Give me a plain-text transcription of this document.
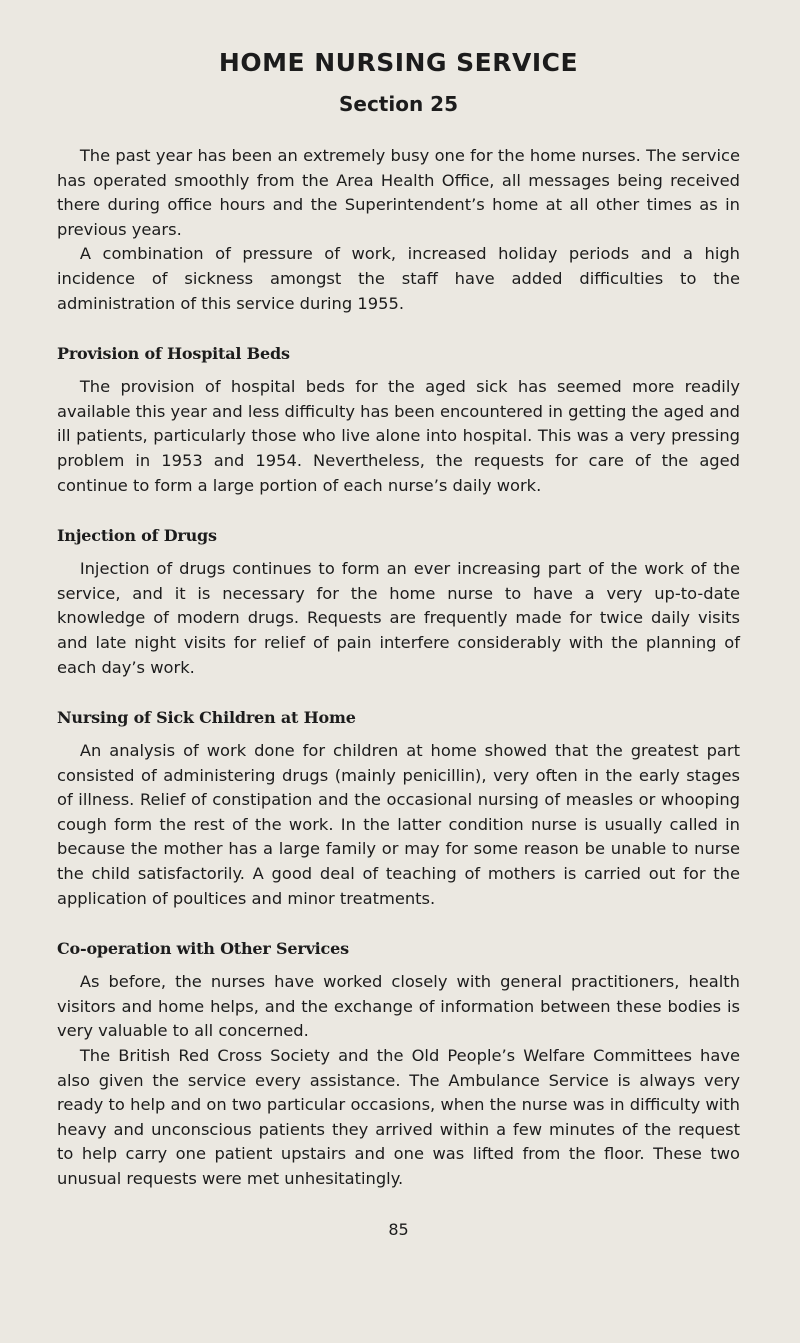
HOME NURSING SERVICE
Section 25

The past year has been an extremely busy one for the home nurses. The service has operated smoothly from the Area Health Office, all messages being received there during office hours and the Superintendent’s home at all other times as in previous years.

A combination of pressure of work, increased holiday periods and a high incidence of sickness amongst the staff have added difficulties to the administration of this service during 1955.

Provision of Hospital Beds

The provision of hospital beds for the aged sick has seemed more readily available this year and less difficulty has been encountered in getting the aged and ill patients, particularly those who live alone into hospital. This was a very pressing problem in 1953 and 1954. Nevertheless, the requests for care of the aged continue to form a large portion of each nurse’s daily work.

Injection of Drugs

Injection of drugs continues to form an ever increasing part of the work of the service, and it is necessary for the home nurse to have a very up-to-date knowledge of modern drugs. Requests are frequently made for twice daily visits and late night visits for relief of pain interfere considerably with the planning of each day’s work.

Nursing of Sick Children at Home

An analysis of work done for children at home showed that the greatest part consisted of administering drugs (mainly penicillin), very often in the early stages of illness. Relief of constipation and the occasional nursing of measles or whooping cough form the rest of the work. In the latter condition nurse is usually called in because the mother has a large family or may for some reason be unable to nurse the child satisfactorily. A good deal of teaching of mothers is carried out for the application of poultices and minor treatments.

Co-operation with Other Services

As before, the nurses have worked closely with general practitioners, health visitors and home helps, and the exchange of information between these bodies is very valuable to all concerned.

The British Red Cross Society and the Old People’s Welfare Committees have also given the service every assistance. The Ambulance Service is always very ready to help and on two particular occasions, when the nurse was in difficulty with heavy and unconscious patients they arrived within a few minutes of the request to help carry one patient upstairs and one was lifted from the floor. These two unusual requests were met unhesitatingly.

85
